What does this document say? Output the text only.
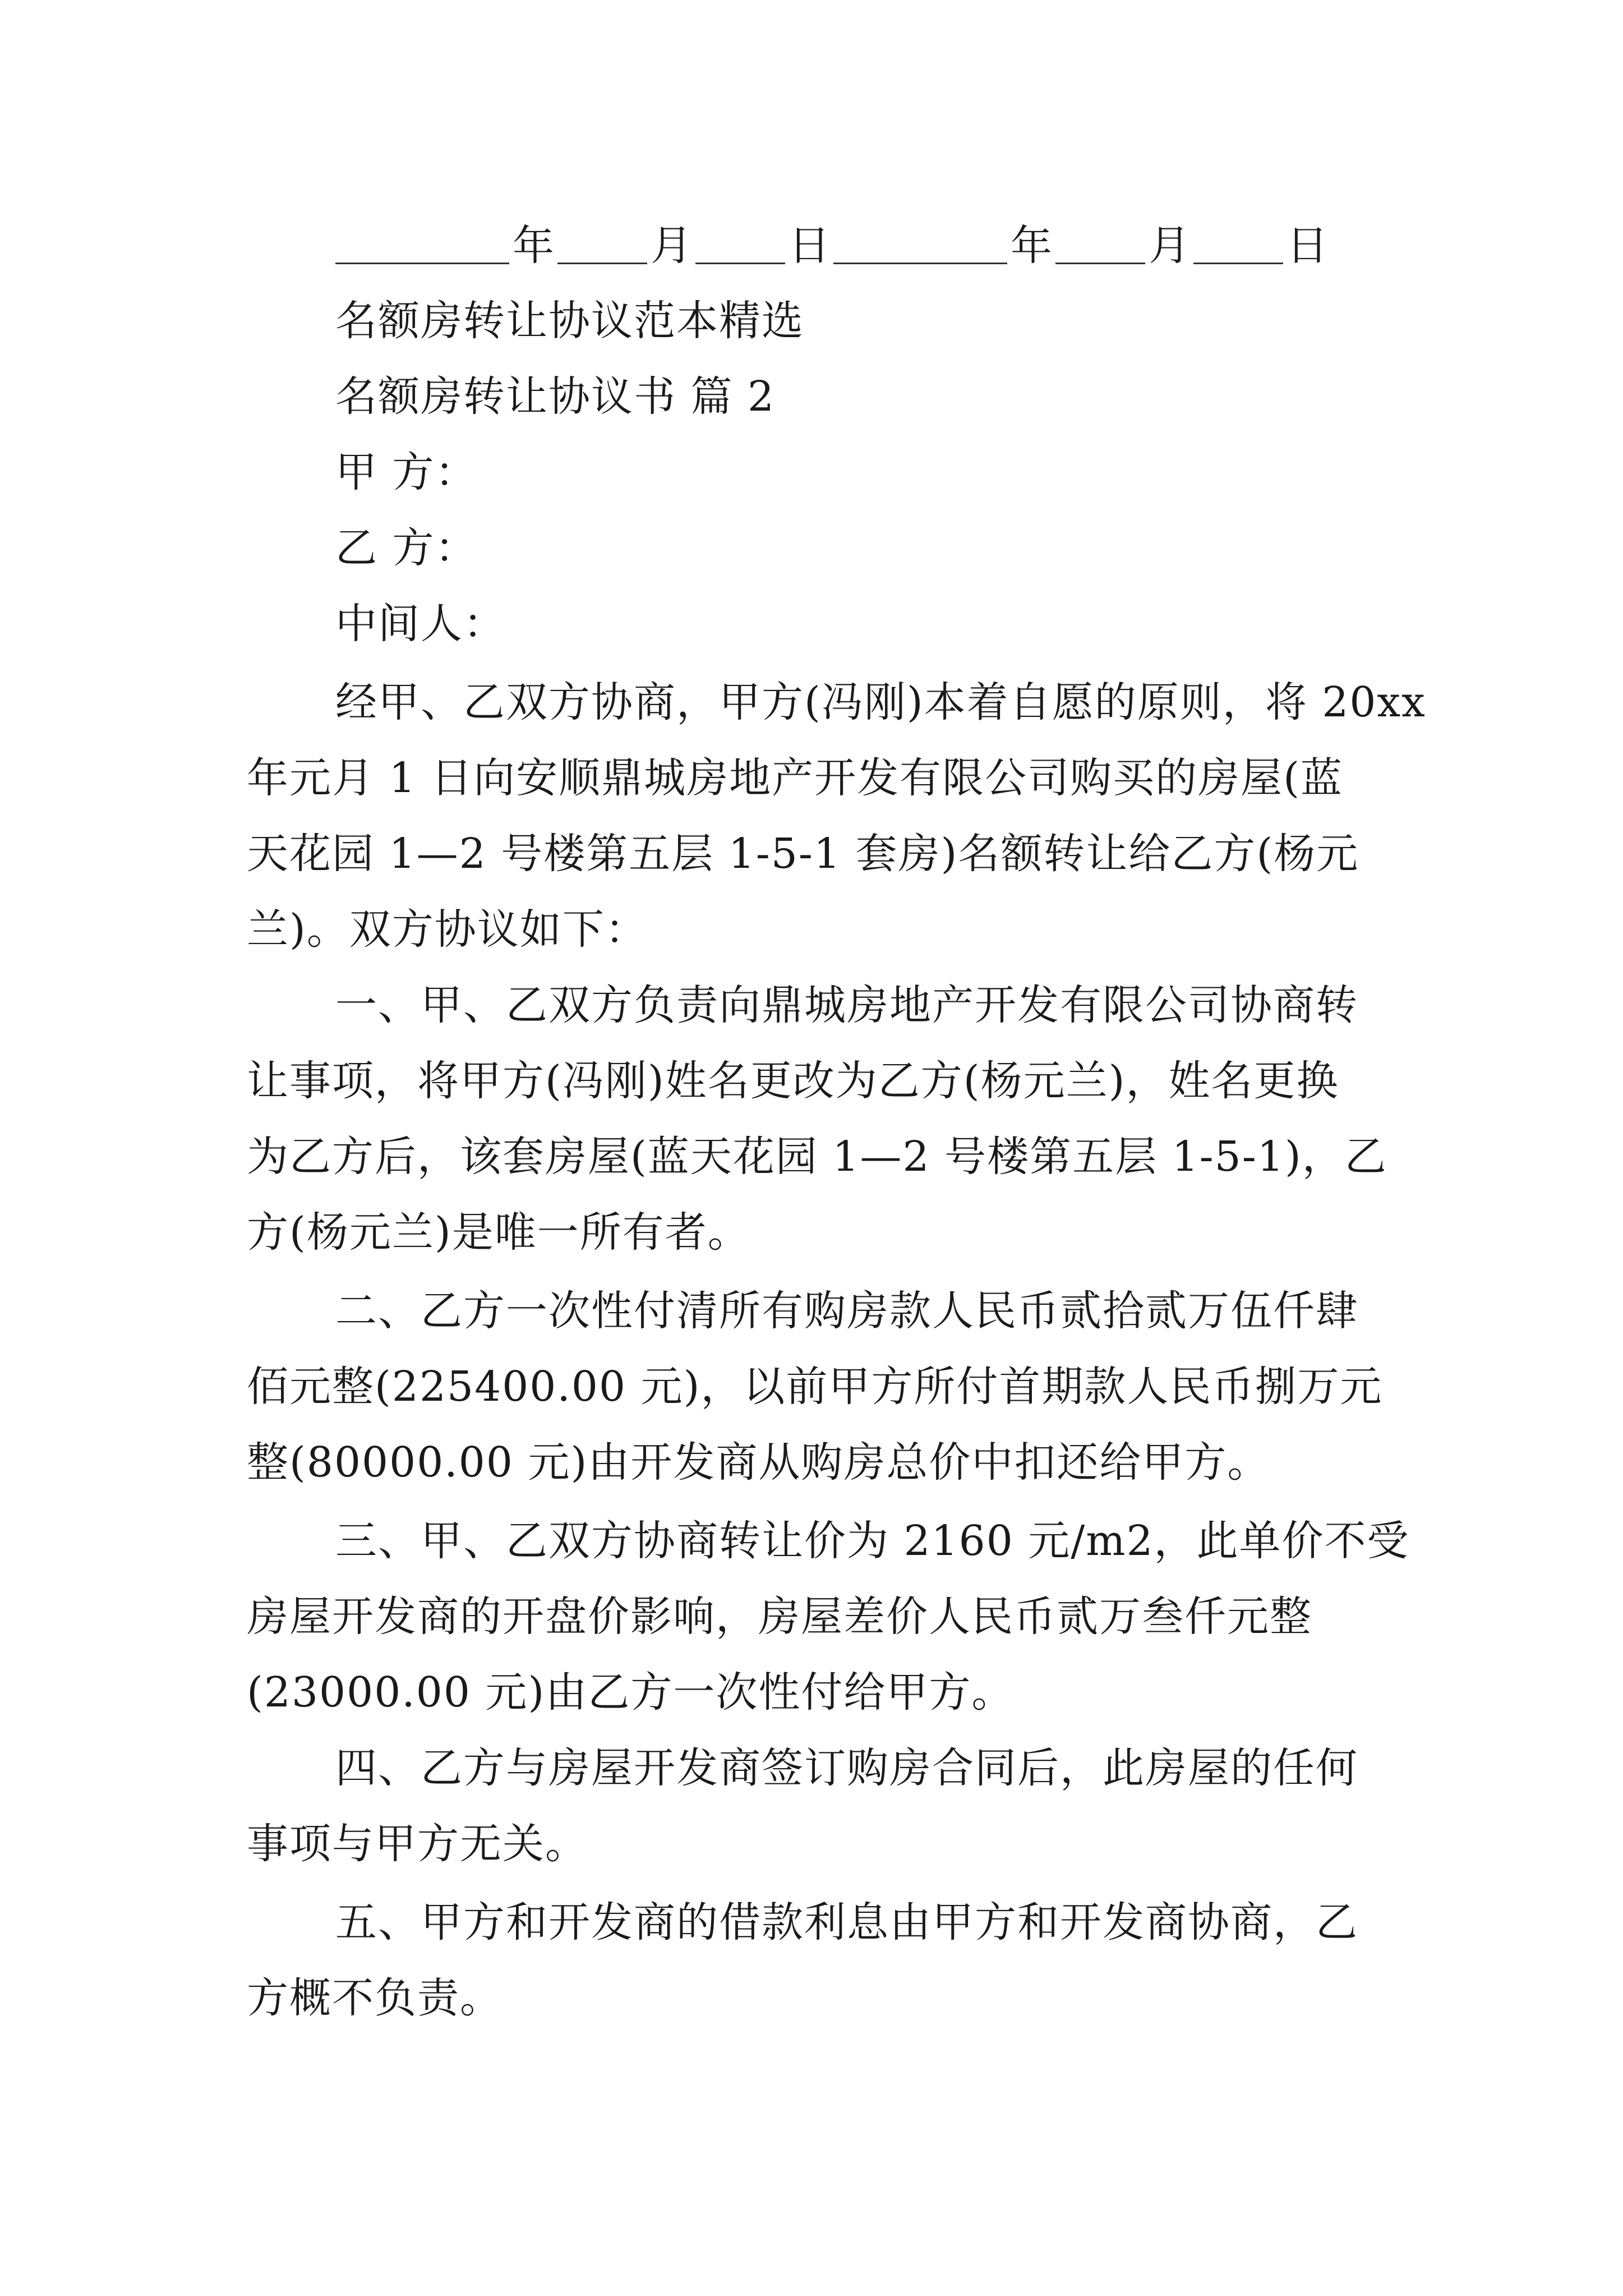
年 月 日	年 月 日
名额房转让协议范本精选
名额房转让协议书 篇 2
甲 方：
乙 方：
中间人：
经甲、乙双方协商，甲方(冯刚)本着自愿的原则，将 20xx
年元月 1 日向安顺鼎城房地产开发有限公司购买的房屋(蓝
天花园 1—2 号楼第五层 1-5-1 套房)名额转让给乙方(杨元
兰)。双方协议如下：
一、甲、乙双方负责向鼎城房地产开发有限公司协商转
让事项，将甲方(冯刚)姓名更改为乙方(杨元兰)，姓名更换
为乙方后，该套房屋(蓝天花园 1—2 号楼第五层 1-5-1)，乙
方(杨元兰)是唯一所有者。
二、乙方一次性付清所有购房款人民币贰拾贰万伍仟肆
佰元整(225400.00 元)，以前甲方所付首期款人民币捌万元
整(80000.00 元)由开发商从购房总价中扣还给甲方。
三、甲、乙双方协商转让价为 2160 元/m2，此单价不受
房屋开发商的开盘价影响，房屋差价人民币贰万叁仟元整
(23000.00 元)由乙方一次性付给甲方。
四、乙方与房屋开发商签订购房合同后，此房屋的任何
事项与甲方无关。
五、甲方和开发商的借款利息由甲方和开发商协商，乙
方概不负责。
